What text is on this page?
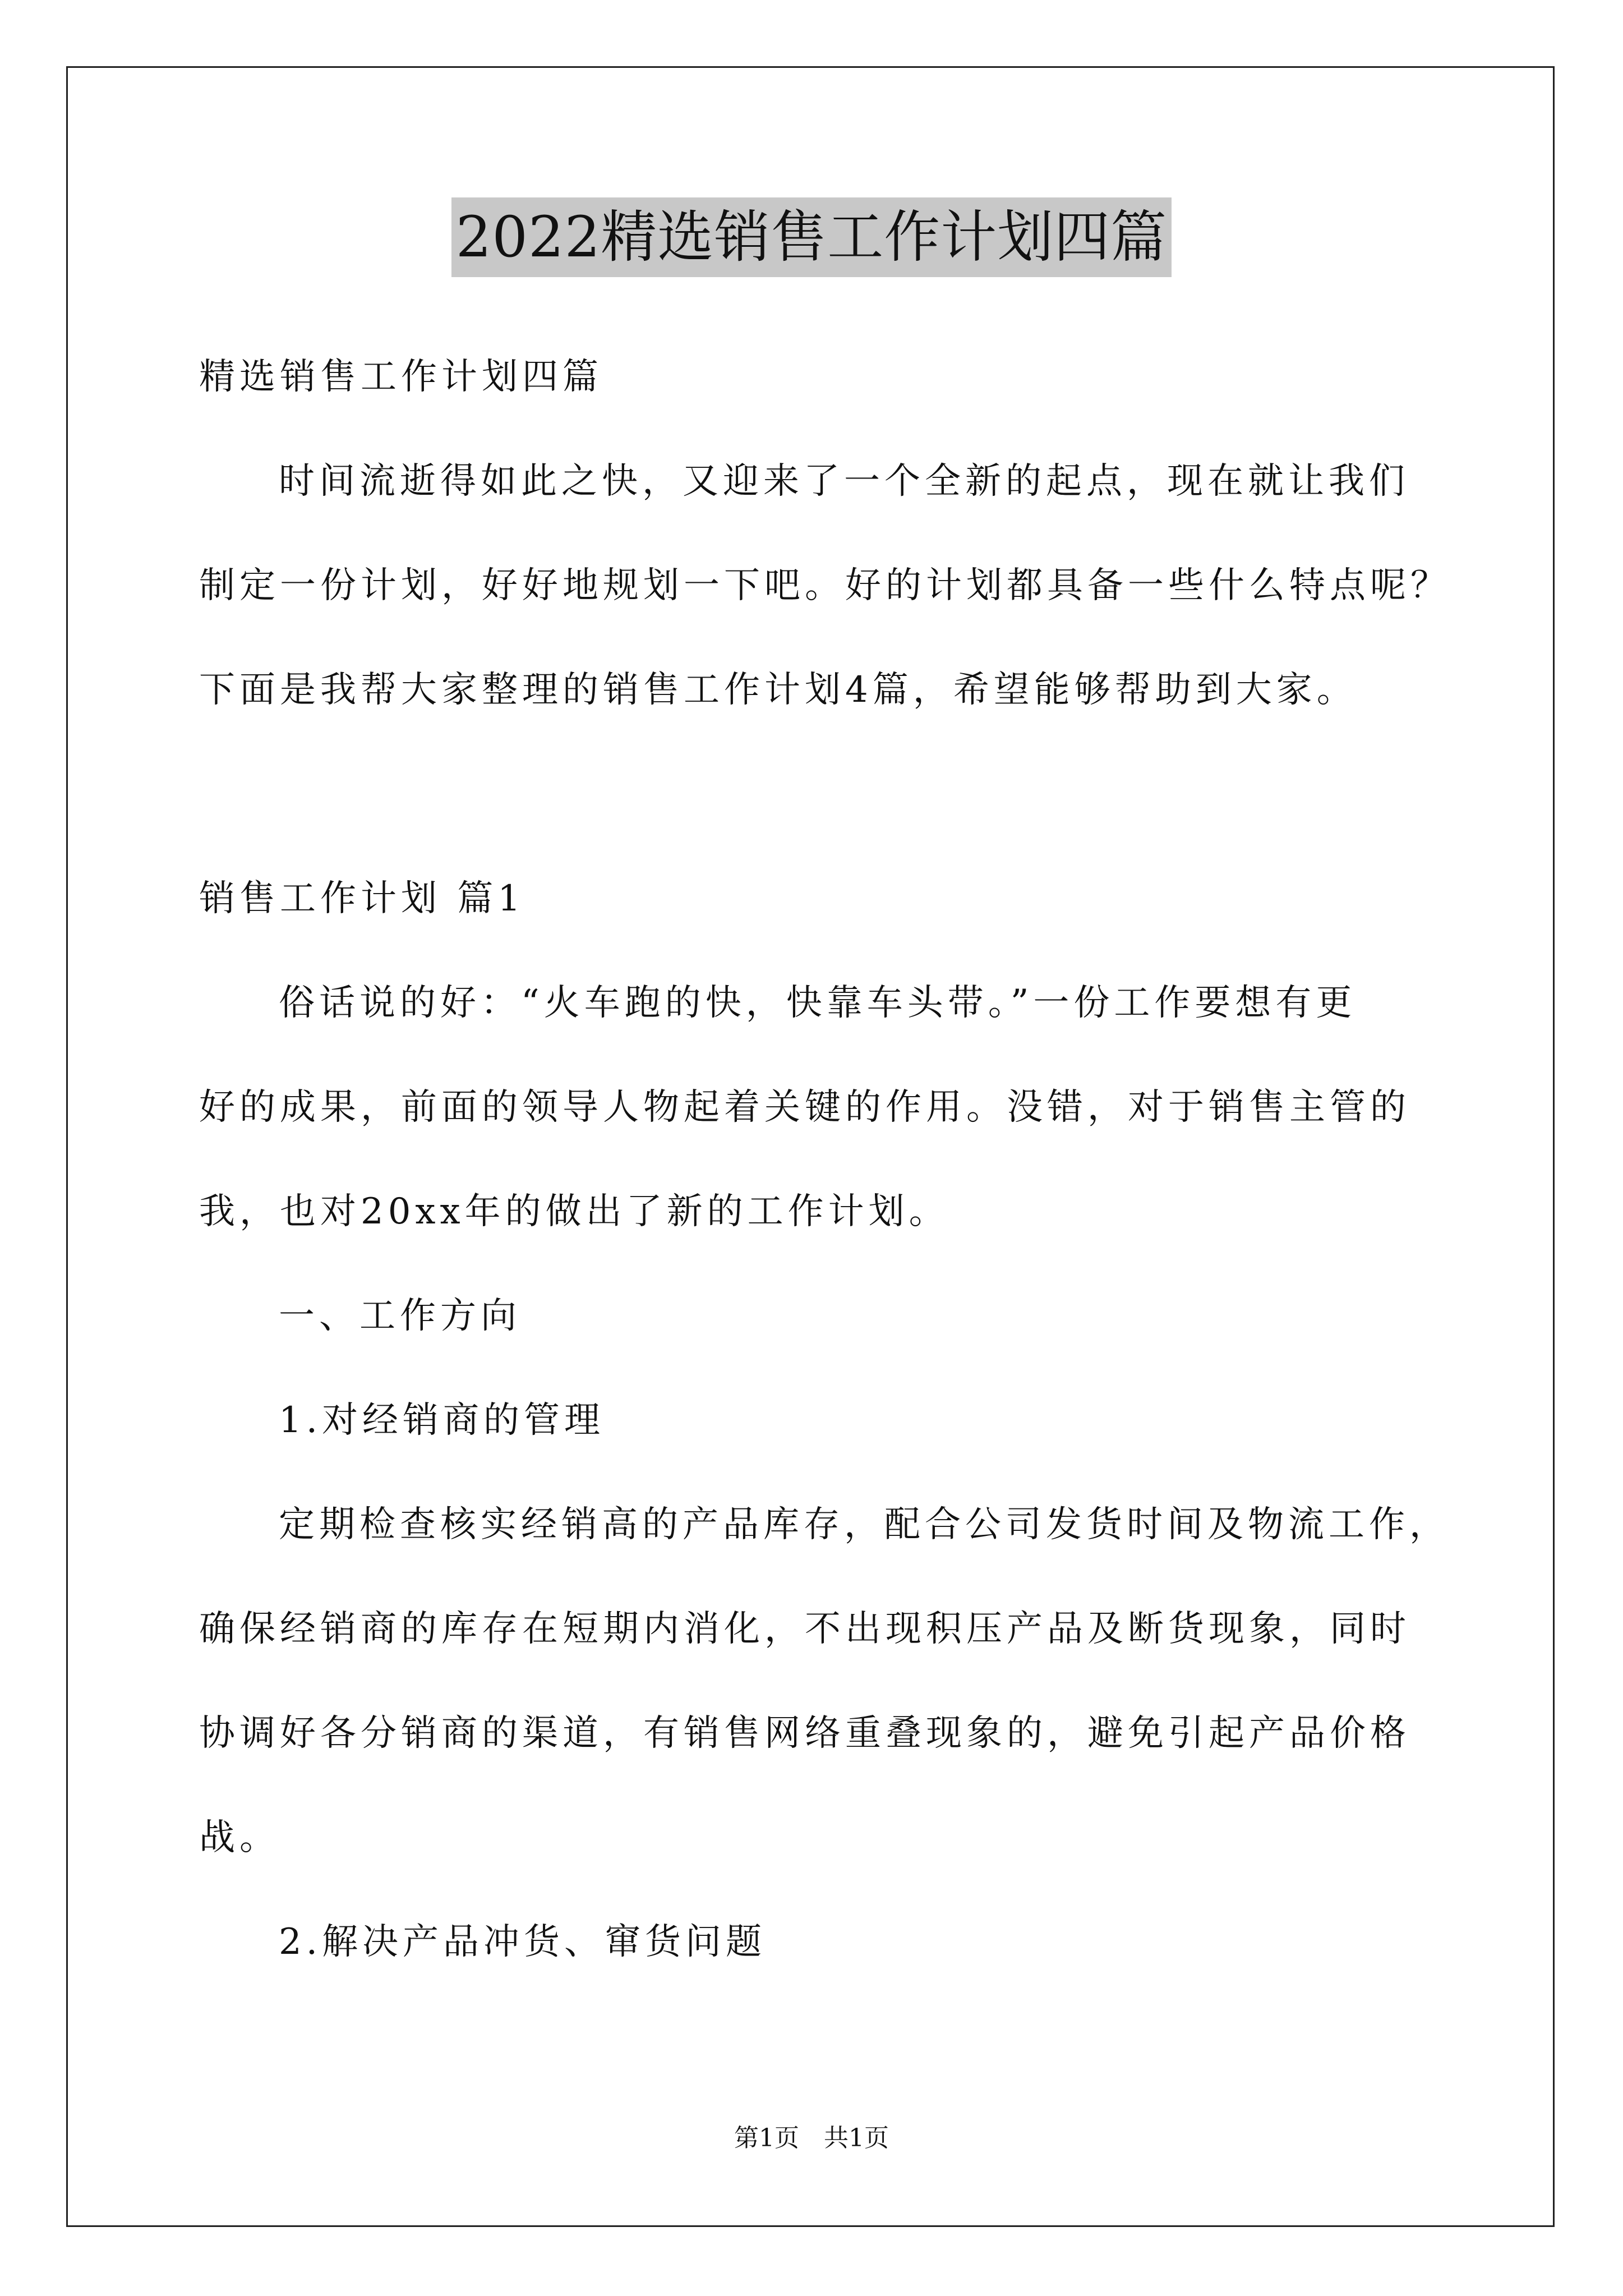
2022精选销售工作计划四篇
精选销售工作计划四篇
时间流逝得如此之快，又迎来了一个全新的起点，现在就让我们
制定一份计划，好好地规划一下吧。好的计划都具备一些什么特点呢？
下面是我帮大家整理的销售工作计划4篇，希望能够帮助到大家。
销售工作计划 篇1
俗话说的好：“火车跑的快，快靠车头带。”一份工作要想有更
好的成果，前面的领导人物起着关键的作用。没错，对于销售主管的
我，也对20xx年的做出了新的工作计划。
一、工作方向
1.对经销商的管理
定期检查核实经销高的产品库存，配合公司发货时间及物流工作，
确保经销商的库存在短期内消化，不出现积压产品及断货现象，同时
协调好各分销商的渠道，有销售网络重叠现象的，避免引起产品价格
战。
2.解决产品冲货、窜货问题
第1页　共1页
